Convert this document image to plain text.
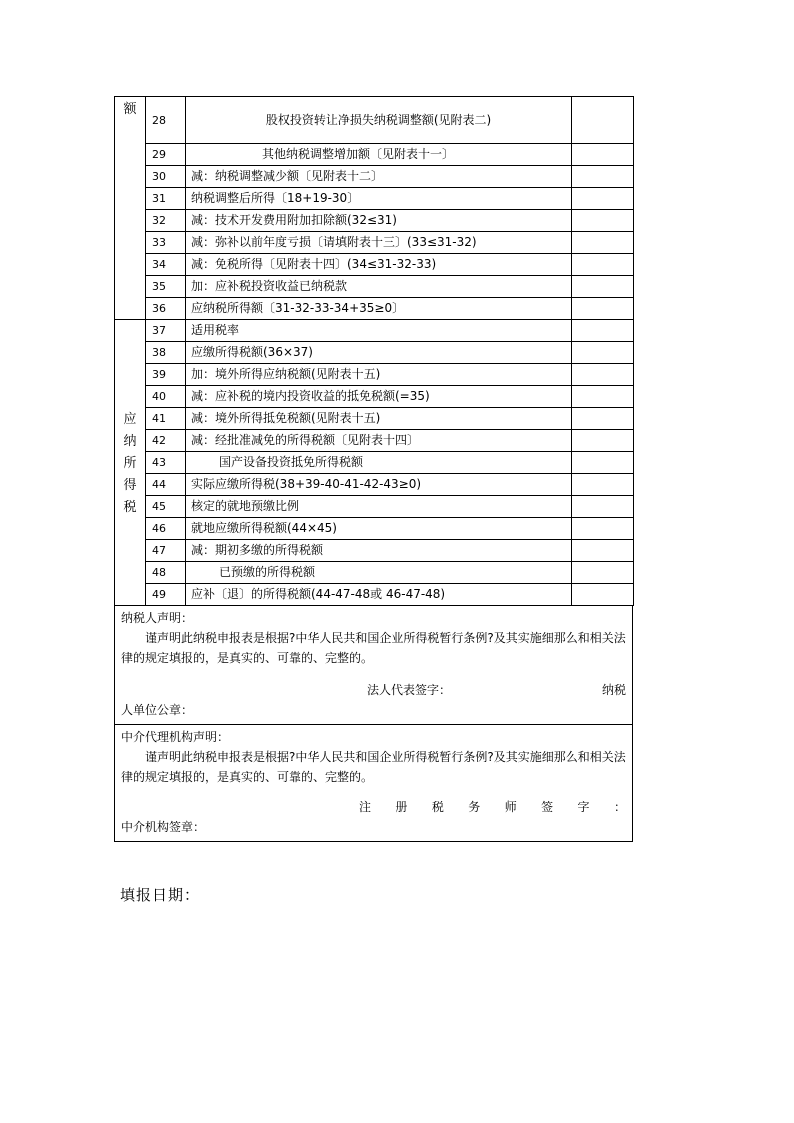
额	28	股权投资转让净损失纳税调整额(见附表二)	
	29	其他纳税调整增加额〔见附表十一〕	
	30	减：纳税调整减少额〔见附表十二〕	
	31	纳税调整后所得〔18+19-30〕	
	32	减：技术开发费用附加扣除额(32≤31)	
	33	减：弥补以前年度亏损〔请填附表十三〕(33≤31-32)	
	34	减：免税所得〔见附表十四〕(34≤31-32-33)	
	35	加：应补税投资收益已纳税款	
	36	应纳税所得额〔31-32-33-34+35≥0〕	

应
纳
所
得
税	37	适用税率	
	38	应缴所得税额(36×37)	
	39	加：境外所得应纳税额(见附表十五)	
	40	减：应补税的境内投资收益的抵免税额(=35)	
	41	减：境外所得抵免税额(见附表十五)	
	42	减：经批准减免的所得税额〔见附表十四〕	
	43	国产设备投资抵免所得税额	
	44	实际应缴所得税(38+39-40-41-42-43≥0)	
	45	核定的就地预缴比例	
	46	就地应缴所得税额(44×45)	
	47	减：期初多缴的所得税额	
	48	已预缴的所得税额	
	49	应补〔退〕的所得税额(44-47-48或 46-47-48)	

纳税人声明：

谨声明此纳税申报表是根据?中华人民共和国企业所得税暂行条例?及其实施细那么和相关法律的规定填报的，是真实的、可靠的、完整的。

法人代表签字：	纳税

人单位公章：

中介代理机构声明：

谨声明此纳税申报表是根据?中华人民共和国企业所得税暂行条例?及其实施细那么和相关法律的规定填报的，是真实的、可靠的、完整的。

注 册 税 务 师 签 字 ：

中介机构签章：

填报日期：
